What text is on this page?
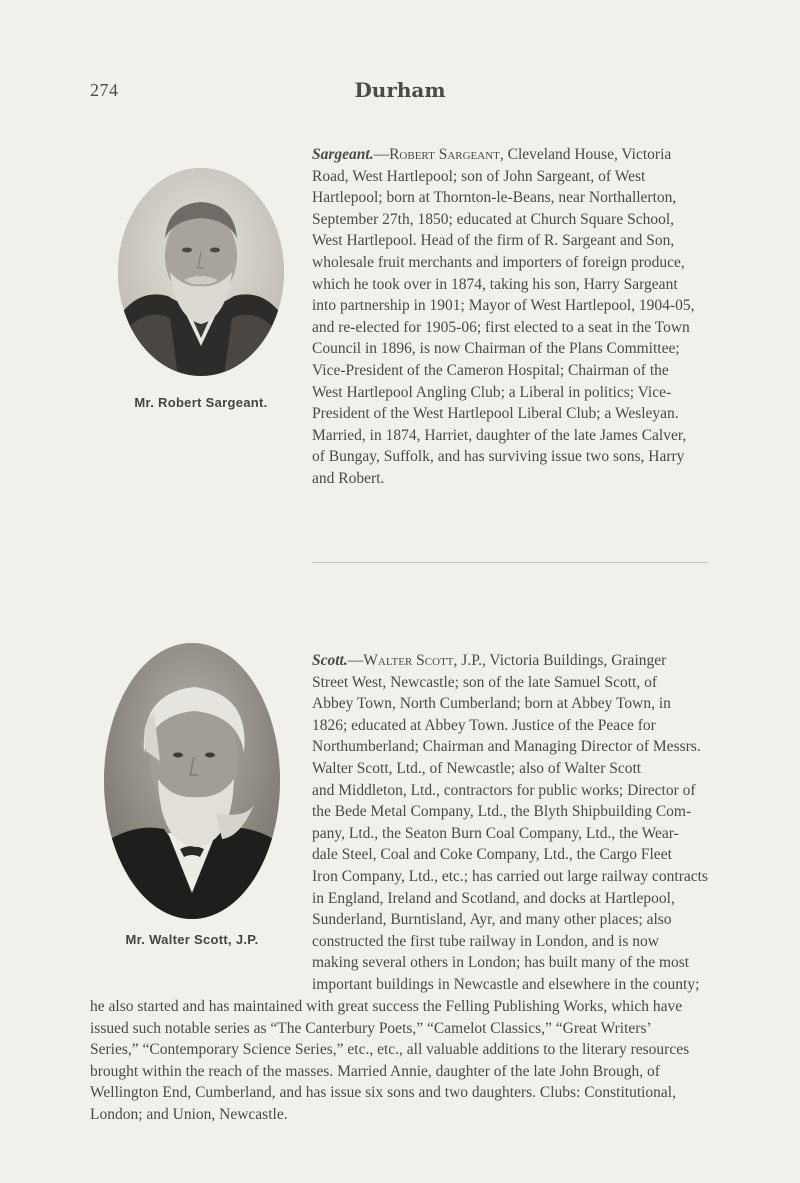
274	Durham
Mr. Robert Sargeant.
Sargeant.—Robert Sargeant, Cleveland House, Victoria
Road, West Hartlepool; son of John Sargeant, of West
Hartlepool; born at Thornton-le-Beans, near Northallerton,
September 27th, 1850; educated at Church Square School,
West Hartlepool. Head of the firm of R. Sargeant and Son,
wholesale fruit merchants and importers of foreign produce,
which he took over in 1874, taking his son, Harry Sargeant
into partnership in 1901; Mayor of West Hartlepool, 1904-05,
and re-elected for 1905-06; first elected to a seat in the Town
Council in 1896, is now Chairman of the Plans Committee;
Vice-President of the Cameron Hospital; Chairman of the
West Hartlepool Angling Club; a Liberal in politics; Vice-
President of the West Hartlepool Liberal Club; a Wesleyan.
Married, in 1874, Harriet, daughter of the late James Calver,
of Bungay, Suffolk, and has surviving issue two sons, Harry
and Robert.
Mr. Walter Scott, J.P.
Scott.—Walter Scott, J.P., Victoria Buildings, Grainger
Street West, Newcastle; son of the late Samuel Scott, of
Abbey Town, North Cumberland; born at Abbey Town, in
1826; educated at Abbey Town. Justice of the Peace for
Northumberland; Chairman and Managing Director of Messrs.
Walter Scott, Ltd., of Newcastle; also of Walter Scott
and Middleton, Ltd., contractors for public works; Director of
the Bede Metal Company, Ltd., the Blyth Shipbuilding Com-
pany, Ltd., the Seaton Burn Coal Company, Ltd., the Wear-
dale Steel, Coal and Coke Company, Ltd., the Cargo Fleet
Iron Company, Ltd., etc.; has carried out large railway contracts
in England, Ireland and Scotland, and docks at Hartlepool,
Sunderland, Burntisland, Ayr, and many other places; also
constructed the first tube railway in London, and is now
making several others in London; has built many of the most
important buildings in Newcastle and elsewhere in the county;
he also started and has maintained with great success the Felling Publishing Works, which have
issued such notable series as “The Canterbury Poets,” “Camelot Classics,” “Great Writers’
Series,” “Contemporary Science Series,” etc., etc., all valuable additions to the literary resources
brought within the reach of the masses. Married Annie, daughter of the late John Brough, of
Wellington End, Cumberland, and has issue six sons and two daughters. Clubs: Constitutional,
London; and Union, Newcastle.
